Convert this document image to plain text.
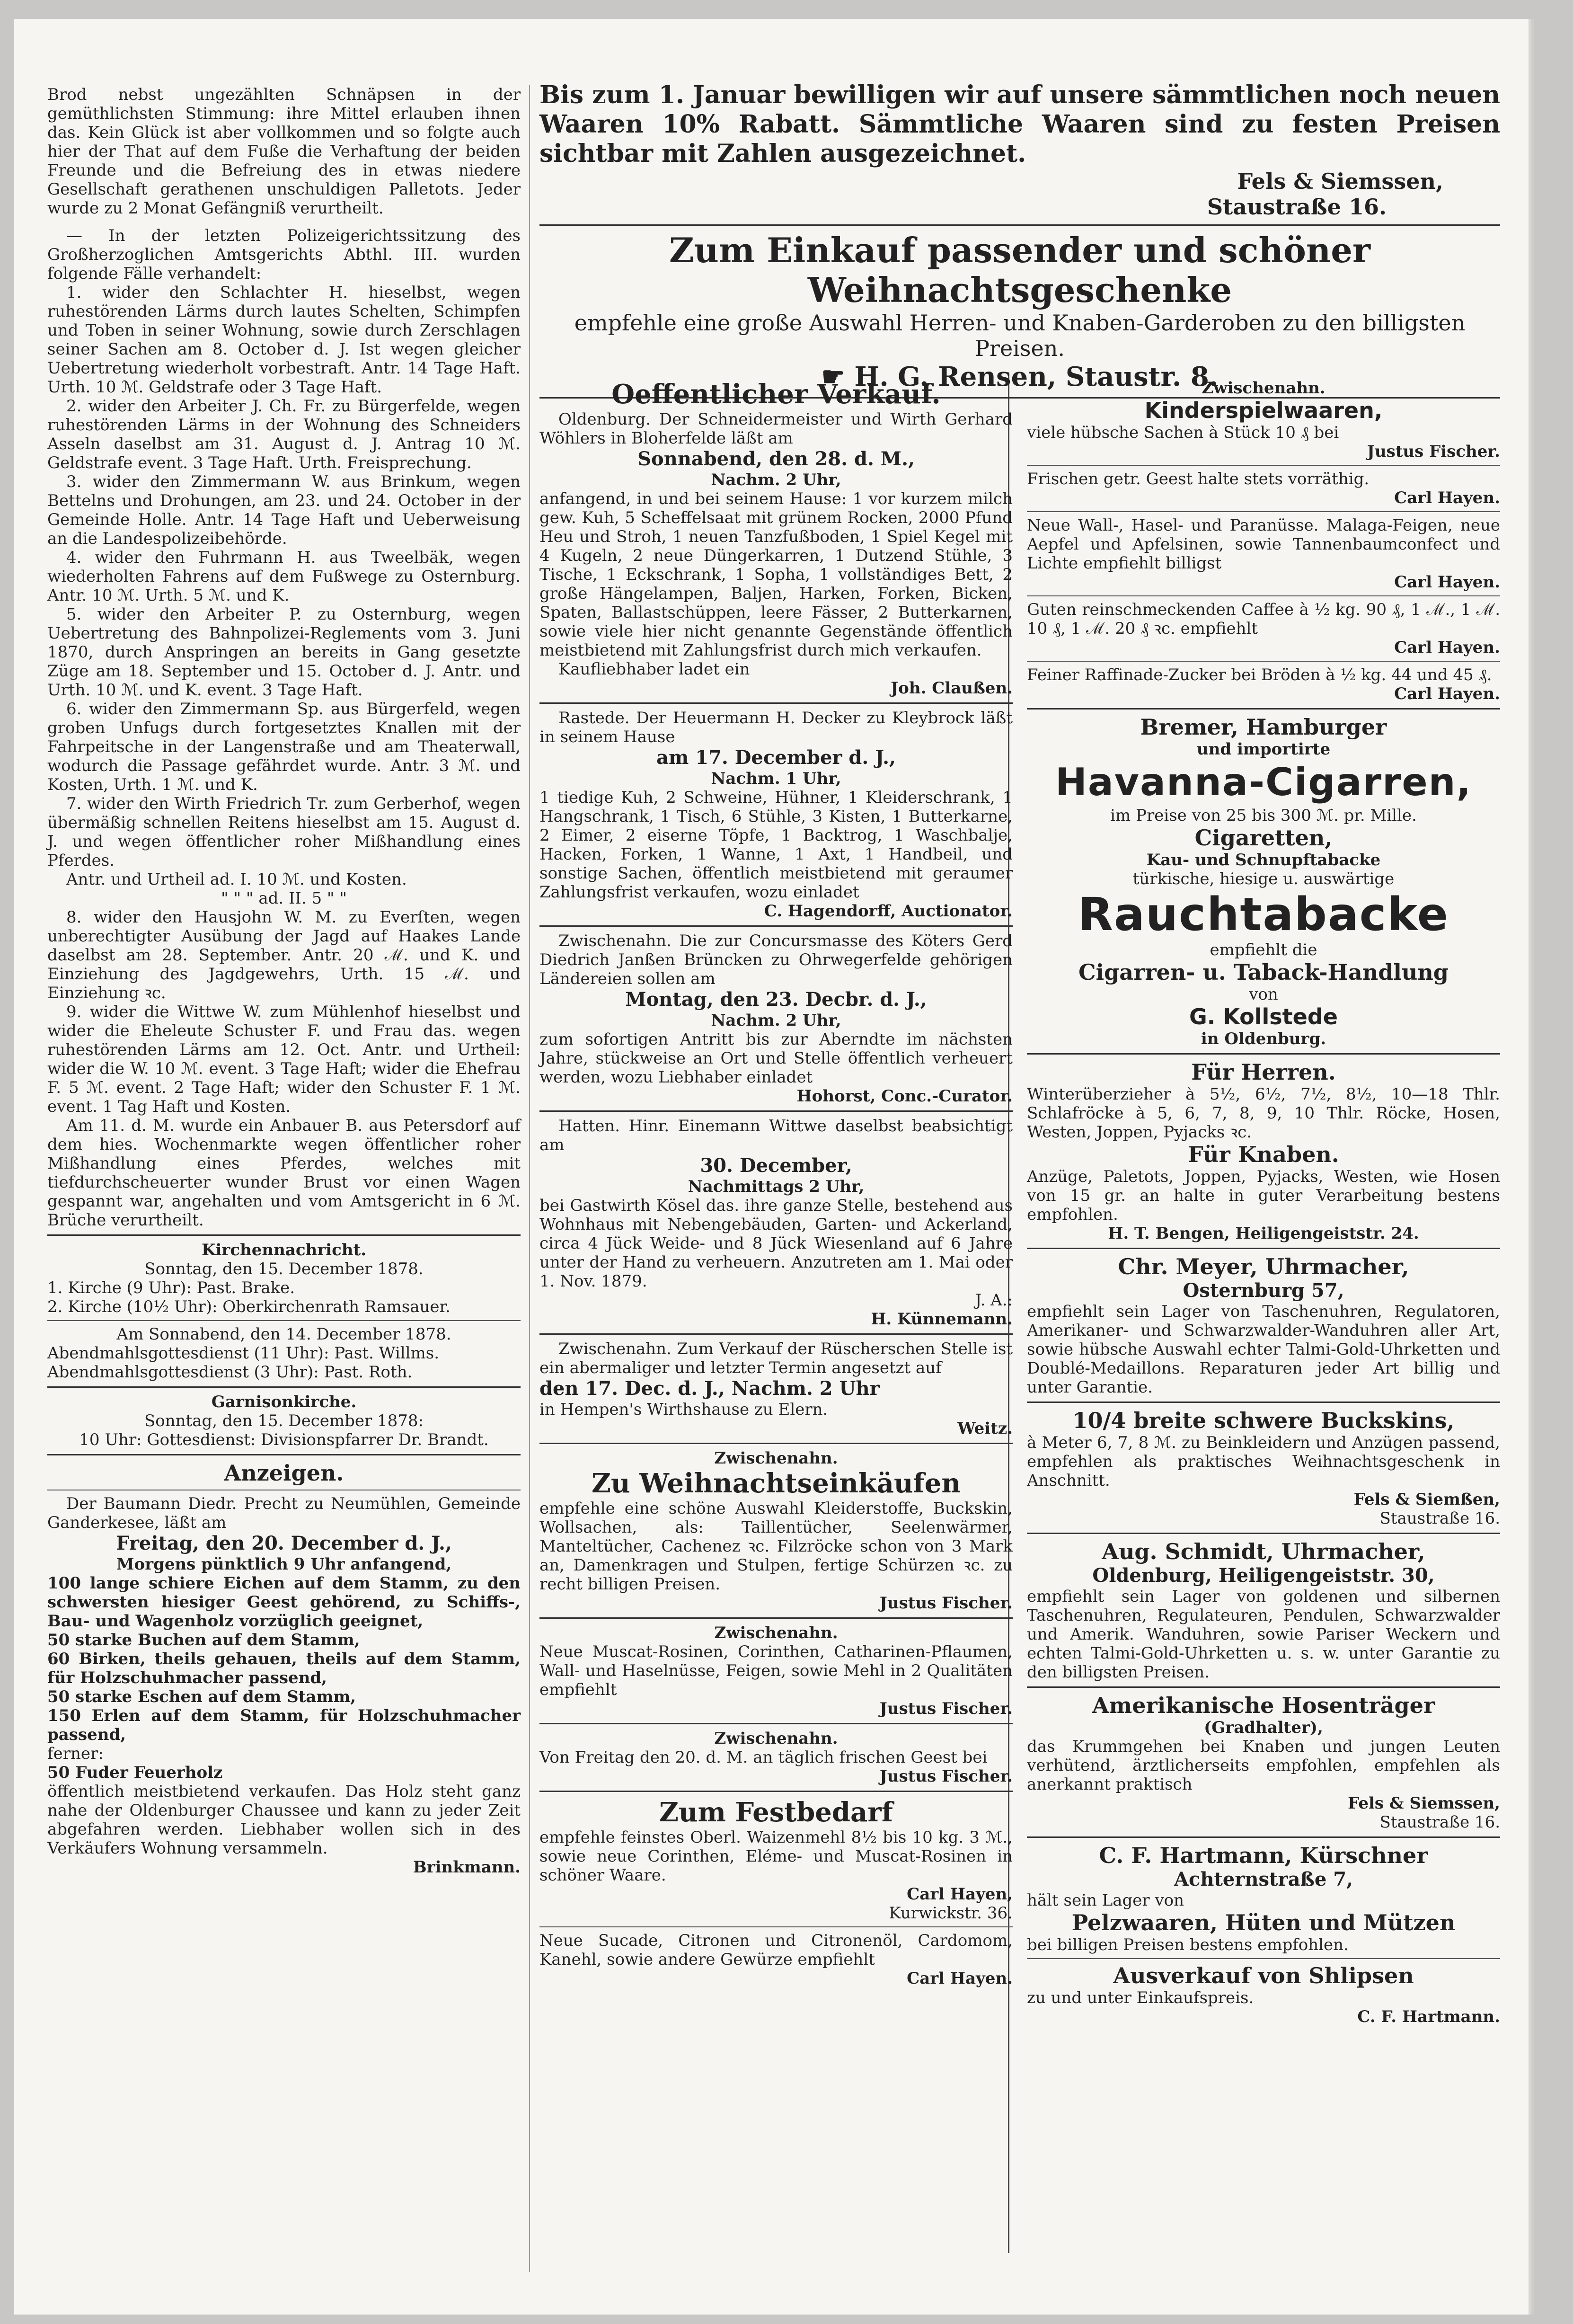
Brod nebst ungezählten Schnäpsen in der gemüthlichsten Stimmung: ihre Mittel erlauben ihnen das. Kein Glück ist aber vollkommen und so folgte auch hier der That auf dem Fuße die Verhaftung der beiden Freunde und die Befreiung des in etwas niedere Gesellschaft gerathenen unschuldigen Palletots. Jeder wurde zu 2 Monat Gefängniß verurtheilt.

— In der letzten Polizeigerichtssitzung des Großherzoglichen Amtsgerichts Abthl. III. wurden folgende Fälle verhandelt:

1. wider den Schlachter H. hieselbst, wegen ruhestörenden Lärms durch lautes Schelten, Schimpfen und Toben in seiner Wohnung, sowie durch Zerschlagen seiner Sachen am 8. October d. J. Ist wegen gleicher Uebertretung wiederholt vorbestraft. Antr. 14 Tage Haft. Urth. 10 ℳ. Geldstrafe oder 3 Tage Haft.

2. wider den Arbeiter J. Ch. Fr. zu Bürgerfelde, wegen ruhestörenden Lärms in der Wohnung des Schneiders Asseln daselbst am 31. August d. J. Antrag 10 ℳ. Geldstrafe event. 3 Tage Haft. Urth. Freisprechung.

3. wider den Zimmermann W. aus Brinkum, wegen Bettelns und Drohungen, am 23. und 24. October in der Gemeinde Holle. Antr. 14 Tage Haft und Ueberweisung an die Landespolizeibehörde.

4. wider den Fuhrmann H. aus Tweelbäk, wegen wiederholten Fahrens auf dem Fußwege zu Osternburg. Antr. 10 ℳ. Urth. 5 ℳ. und K.

5. wider den Arbeiter P. zu Osternburg, wegen Uebertretung des Bahnpolizei-Reglements vom 3. Juni 1870, durch Anspringen an bereits in Gang gesetzte Züge am 18. September und 15. October d. J. Antr. und Urth. 10 ℳ. und K. event. 3 Tage Haft.

6. wider den Zimmermann Sp. aus Bürgerfeld, wegen groben Unfugs durch fortgesetztes Knallen mit der Fahrpeitsche in der Langenstraße und am Theaterwall, wodurch die Passage gefährdet wurde. Antr. 3 ℳ. und Kosten, Urth. 1 ℳ. und K.

7. wider den Wirth Friedrich Tr. zum Gerberhof, wegen übermäßig schnellen Reitens hieselbst am 15. August d. J. und wegen öffentlicher roher Mißhandlung eines Pferdes.

Antr. und Urtheil ad. I. 10 ℳ. und Kosten.

" " " ad. II. 5 " "

8. wider den Hausjohn W. M. zu Everſten, wegen unberechtigter Ausübung der Jagd auf Haakes Lande daselbst am 28. September. Antr. 20 ℳ. und K. und Einziehung des Jagdgewehrs, Urth. 15 ℳ. und Einziehung ꝛc.

9. wider die Wittwe W. zum Mühlenhof hieselbst und wider die Eheleute Schuster F. und Frau das. wegen ruhestörenden Lärms am 12. Oct. Antr. und Urtheil: wider die W. 10 ℳ. event. 3 Tage Haft; wider die Ehefrau F. 5 ℳ. event. 2 Tage Haft; wider den Schuster F. 1 ℳ. event. 1 Tag Haft und Kosten.

Am 11. d. M. wurde ein Anbauer B. aus Petersdorf auf dem hies. Wochenmarkte wegen öffentlicher roher Mißhandlung eines Pferdes, welches mit tiefdurchscheuerter wunder Brust vor einen Wagen gespannt war, angehalten und vom Amtsgericht in 6 ℳ. Brüche verurtheilt.

Kirchennachricht.

Sonntag, den 15. December 1878.

1. Kirche (9 Uhr): Past. Brake.

2. Kirche (10½ Uhr): Oberkirchenrath Ramsauer.

Am Sonnabend, den 14. December 1878.

Abendmahlsgottesdienst (11 Uhr): Past. Willms.

Abendmahlsgottesdienst (3 Uhr): Past. Roth.

Garnisonkirche.

Sonntag, den 15. December 1878:

10 Uhr: Gottesdienst: Divisionspfarrer Dr. Brandt.

Anzeigen.

Der Baumann Diedr. Precht zu Neumühlen, Gemeinde Ganderkesee, läßt am

Freitag, den 20. December d. J.,

Morgens pünktlich 9 Uhr anfangend,

100 lange schiere Eichen auf dem Stamm, zu den schwersten hiesiger Geest gehörend, zu Schiffs-, Bau- und Wagenholz vorzüglich geeignet,

50 starke Buchen auf dem Stamm,

60 Birken, theils gehauen, theils auf dem Stamm, für Holzschuhmacher passend,

50 starke Eschen auf dem Stamm,

150 Erlen auf dem Stamm, für Holzschuhmacher passend,

ferner:

50 Fuder Feuerholz

öffentlich meistbietend verkaufen. Das Holz steht ganz nahe der Oldenburger Chaussee und kann zu jeder Zeit abgefahren werden. Liebhaber wollen sich in des Verkäufers Wohnung versammeln.

Brinkmann.

Bis zum 1. Januar bewilligen wir auf unsere sämmtlichen noch neuen Waaren 10% Rabatt. Sämmtliche Waaren sind zu festen Preisen sichtbar mit Zahlen ausgezeichnet.

Fels & Siemssen,

Staustraße 16.

Zum Einkauf passender und schöner Weihnachtsgeschenke

empfehle eine große Auswahl Herren- und Knaben-Garderoben zu den billigsten Preisen.

☛ H. G. Rensen, Staustr. 8.

Oeffentlicher Verkauf.

Oldenburg. Der Schneidermeister und Wirth Gerhard Wöhlers in Bloherfelde läßt am

Sonnabend, den 28. d. M.,

Nachm. 2 Uhr,

anfangend, in und bei seinem Hause: 1 vor kurzem milch gew. Kuh, 5 Scheffelsaat mit grünem Rocken, 2000 Pfund Heu und Stroh, 1 neuen Tanzfußboden, 1 Spiel Kegel mit 4 Kugeln, 2 neue Düngerkarren, 1 Dutzend Stühle, 3 Tische, 1 Eckschrank, 1 Sopha, 1 vollständiges Bett, 2 große Hängelampen, Baljen, Harken, Forken, Bicken, Spaten, Ballastschüppen, leere Fässer, 2 Butterkarnen, sowie viele hier nicht genannte Gegenstände öffentlich meistbietend mit Zahlungsfrist durch mich verkaufen.

Kaufliebhaber ladet ein

Joh. Claußen.

Rastede. Der Heuermann H. Decker zu Kleybrock läßt in seinem Hause

am 17. December d. J.,

Nachm. 1 Uhr,

1 tiedige Kuh, 2 Schweine, Hühner, 1 Kleiderschrank, 1 Hangschrank, 1 Tisch, 6 Stühle, 3 Kisten, 1 Butterkarne, 2 Eimer, 2 eiserne Töpfe, 1 Backtrog, 1 Waschbalje, Hacken, Forken, 1 Wanne, 1 Axt, 1 Handbeil, und sonstige Sachen, öffentlich meistbietend mit geraumer Zahlungsfrist verkaufen, wozu einladet

C. Hagendorff, Auctionator.

Zwischenahn. Die zur Concursmasse des Köters Gerd Diedrich Janßen Brüncken zu Ohrwegerfelde gehörigen Ländereien sollen am

Montag, den 23. Decbr. d. J.,

Nachm. 2 Uhr,

zum sofortigen Antritt bis zur Aberndte im nächsten Jahre, stückweise an Ort und Stelle öffentlich verheuert werden, wozu Liebhaber einladet

Hohorst, Conc.-Curator.

Hatten. Hinr. Einemann Wittwe daselbst beabsichtigt am

30. December,

Nachmittags 2 Uhr,

bei Gastwirth Kösel das. ihre ganze Stelle, bestehend aus Wohnhaus mit Nebengebäuden, Garten- und Ackerland, circa 4 Jück Weide- und 8 Jück Wiesenland auf 6 Jahre unter der Hand zu verheuern. Anzutreten am 1. Mai oder 1. Nov. 1879.

J. A.:

H. Künnemann.

Zwischenahn. Zum Verkauf der Rüscherschen Stelle ist ein abermaliger und letzter Termin angesetzt auf

den 17. Dec. d. J., Nachm. 2 Uhr

in Hempen's Wirthshause zu Elern.

Weitz.

Zwischenahn.

Zu Weihnachtseinkäufen

empfehle eine schöne Auswahl Kleiderstoffe, Buckskin, Wollsachen, als: Taillentücher, Seelenwärmer, Manteltücher, Cachenez ꝛc. Filzröcke schon von 3 Mark an, Damenkragen und Stulpen, fertige Schürzen ꝛc. zu recht billigen Preisen.

Justus Fischer.

Zwischenahn.

Neue Muscat-Rosinen, Corinthen, Catharinen-Pflaumen, Wall- und Haselnüsse, Feigen, sowie Mehl in 2 Qualitäten empfiehlt

Justus Fischer.

Zwischenahn.

Von Freitag den 20. d. M. an täglich frischen Geest bei

Justus Fischer.

Zum Festbedarf

empfehle feinstes Oberl. Waizenmehl 8½ bis 10 kg. 3 ℳ., sowie neue Corinthen, Eléme- und Muscat-Rosinen in schöner Waare.

Carl Hayen,

Kurwickstr. 36.

Neue Sucade, Citronen und Citronenöl, Cardomom, Kanehl, sowie andere Gewürze empfiehlt

Carl Hayen.

Zwischenahn.

Kinderspielwaaren,

viele hübsche Sachen à Stück 10 ₰ bei

Justus Fischer.

Frischen getr. Geest halte stets vorräthig.

Carl Hayen.

Neue Wall-, Hasel- und Paranüsse. Malaga-Feigen, neue Aepfel und Apfelsinen, sowie Tannenbaumconfect und Lichte empfiehlt billigst

Carl Hayen.

Guten reinschmeckenden Caffee à ½ kg. 90 ₰, 1 ℳ., 1 ℳ. 10 ₰, 1 ℳ. 20 ₰ ꝛc. empfiehlt

Carl Hayen.

Feiner Raffinade-Zucker bei Bröden à ½ kg. 44 und 45 ₰.

Carl Hayen.

Bremer, Hamburger

und importirte

Havanna-Cigarren,

im Preise von 25 bis 300 ℳ. pr. Mille.

Cigaretten,

Kau- und Schnupftabacke

türkische, hiesige u. auswärtige

Rauchtabacke

empfiehlt die

Cigarren- u. Taback-Handlung

von

G. Kollstede

in Oldenburg.

Für Herren.

Winterüberzieher à 5½, 6½, 7½, 8½, 10—18 Thlr. Schlafröcke à 5, 6, 7, 8, 9, 10 Thlr. Röcke, Hosen, Westen, Joppen, Pyjacks ꝛc.

Für Knaben.

Anzüge, Paletots, Joppen, Pyjacks, Westen, wie Hosen von 15 gr. an halte in guter Verarbeitung bestens empfohlen.

H. T. Bengen, Heiligengeiststr. 24.

Chr. Meyer, Uhrmacher,

Osternburg 57,

empfiehlt sein Lager von Taschenuhren, Regulatoren, Amerikaner- und Schwarzwalder-Wanduhren aller Art, sowie hübsche Auswahl echter Talmi-Gold-Uhrketten und Doublé-Medaillons. Reparaturen jeder Art billig und unter Garantie.

10/4 breite schwere Buckskins,

à Meter 6, 7, 8 ℳ. zu Beinkleidern und Anzügen passend, empfehlen als praktisches Weihnachtsgeschenk in Anschnitt.

Fels & Siemßen,

Staustraße 16.

Aug. Schmidt, Uhrmacher,

Oldenburg, Heiligengeiststr. 30,

empfiehlt sein Lager von goldenen und silbernen Taschenuhren, Regulateuren, Pendulen, Schwarzwalder und Amerik. Wanduhren, sowie Pariser Weckern und echten Talmi-Gold-Uhrketten u. s. w. unter Garantie zu den billigsten Preisen.

Amerikanische Hosenträger

(Gradhalter),

das Krummgehen bei Knaben und jungen Leuten verhütend, ärztlicherseits empfohlen, empfehlen als anerkannt praktisch

Fels & Siemssen,

Staustraße 16.

C. F. Hartmann, Kürschner

Achternstraße 7,

hält sein Lager von

Pelzwaaren, Hüten und Mützen

bei billigen Preisen bestens empfohlen.

Ausverkauf von Shlipsen

zu und unter Einkaufspreis.

C. F. Hartmann.
